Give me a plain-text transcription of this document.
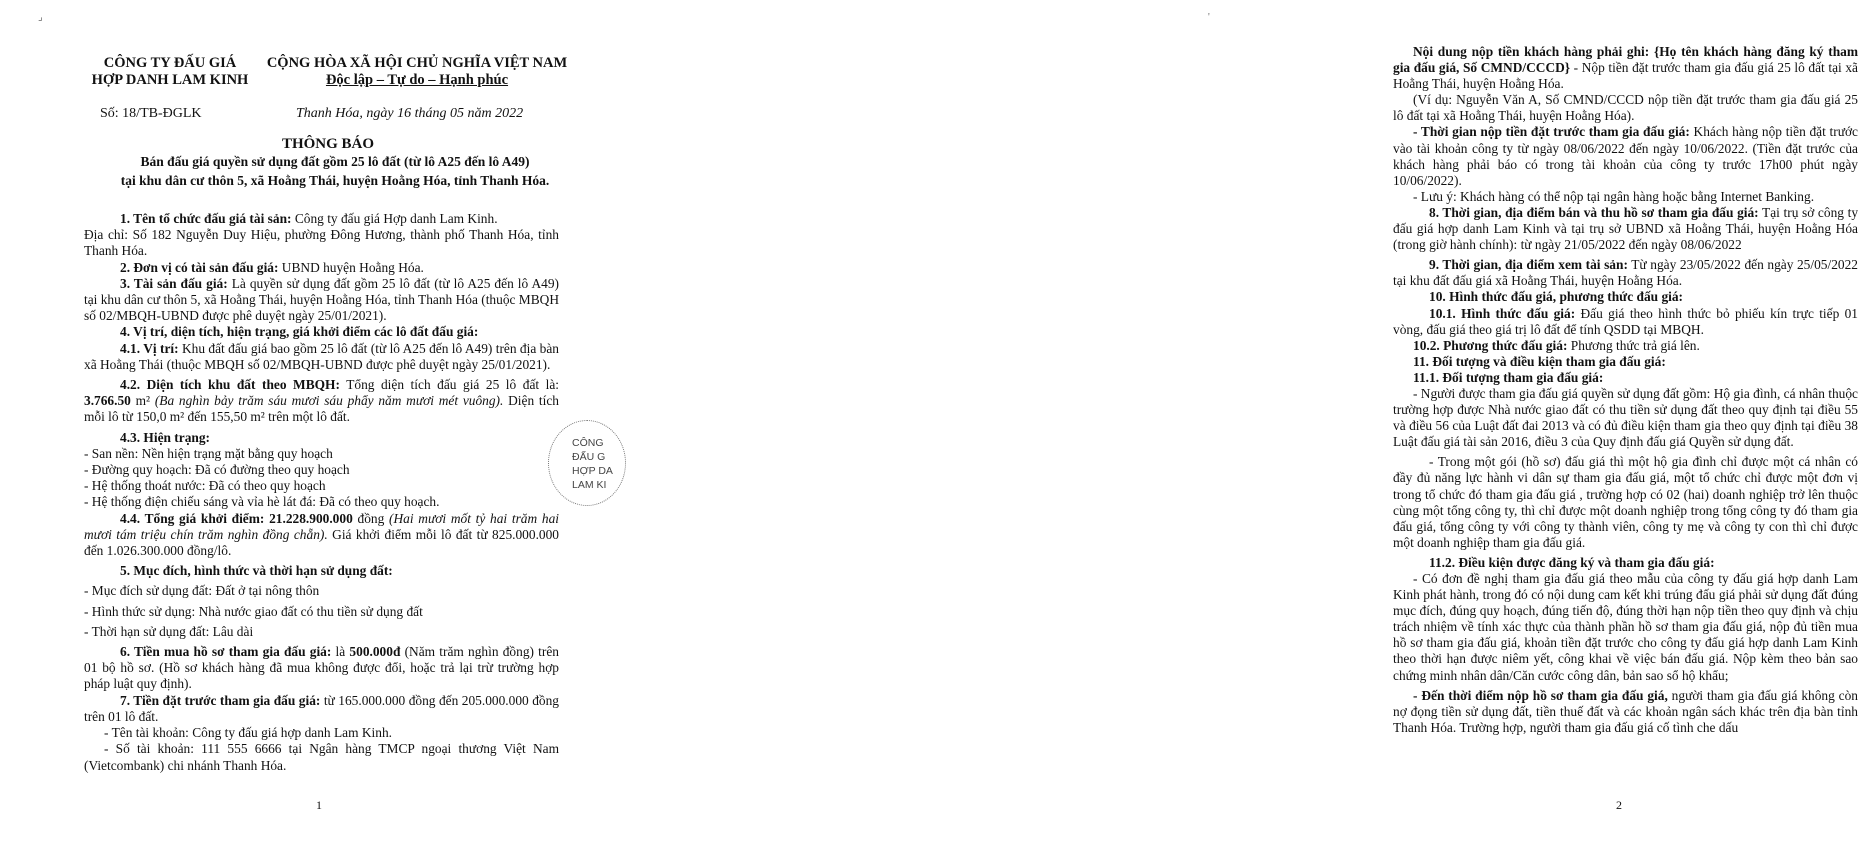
⌟
CÔNG TY ĐẤU GIÁ
HỢP DANH LAM KINH
CỘNG HÒA XÃ HỘI CHỦ NGHĨA VIỆT NAM
Độc lập – Tự do – Hạnh phúc
Số: 18/TB-ĐGLK	Thanh Hóa, ngày 16 tháng 05 năm 2022
THÔNG BÁO
Bán đấu giá quyền sử dụng đất gồm 25 lô đất (từ lô A25 đến lô A49)
tại khu dân cư thôn 5, xã Hoằng Thái, huyện Hoằng Hóa, tỉnh Thanh Hóa.

1. Tên tổ chức đấu giá tài sản: Công ty đấu giá Hợp danh Lam Kinh.

Địa chỉ: Số 182 Nguyễn Duy Hiệu, phường Đông Hương, thành phố Thanh Hóa, tỉnh Thanh Hóa.

2. Đơn vị có tài sản đấu giá: UBND huyện Hoằng Hóa.

3. Tài sản đấu giá: Là quyền sử dụng đất gồm 25 lô đất (từ lô A25 đến lô A49) tại khu dân cư thôn 5, xã Hoằng Thái, huyện Hoằng Hóa, tỉnh Thanh Hóa (thuộc MBQH số 02/MBQH-UBND được phê duyệt ngày 25/01/2021).

4. Vị trí, diện tích, hiện trạng, giá khởi điểm các lô đất đấu giá:

4.1. Vị trí: Khu đất đấu giá bao gồm 25 lô đất (từ lô A25 đến lô A49) trên địa bàn xã Hoằng Thái (thuộc MBQH số 02/MBQH-UBND được phê duyệt ngày 25/01/2021).

4.2. Diện tích khu đất theo MBQH: Tổng diện tích đấu giá 25 lô đất là: 3.766.50 m² (Ba nghìn bảy trăm sáu mươi sáu phẩy năm mươi mét vuông). Diện tích mỗi lô từ 150,0 m² đến 155,50 m² trên một lô đất.

4.3. Hiện trạng:

- San nền: Nền hiện trạng mặt bằng quy hoạch

- Đường quy hoạch: Đã có đường theo quy hoạch

- Hệ thống thoát nước: Đã có theo quy hoạch

- Hệ thống điện chiếu sáng và vỉa hè lát đá: Đã có theo quy hoạch.

4.4. Tổng giá khởi điểm: 21.228.900.000 đồng (Hai mươi mốt tỷ hai trăm hai mươi tám triệu chín trăm nghìn đồng chẵn). Giá khởi điểm mỗi lô đất từ 825.000.000 đến 1.026.300.000 đồng/lô.

5. Mục đích, hình thức và thời hạn sử dụng đất:

- Mục đích sử dụng đất: Đất ở tại nông thôn

- Hình thức sử dụng: Nhà nước giao đất có thu tiền sử dụng đất

- Thời hạn sử dụng đất: Lâu dài

6. Tiền mua hồ sơ tham gia đấu giá: là 500.000đ (Năm trăm nghìn đồng) trên 01 bộ hồ sơ. (Hồ sơ khách hàng đã mua không được đổi, hoặc trả lại trừ trường hợp pháp luật quy định).

7. Tiền đặt trước tham gia đấu giá: từ 165.000.000 đồng đến 205.000.000 đồng trên 01 lô đất.

- Tên tài khoản: Công ty đấu giá hợp danh Lam Kinh.

- Số tài khoản: 111 555 6666 tại Ngân hàng TMCP ngoại thương Việt Nam (Vietcombank) chi nhánh Thanh Hóa.

CÔNG
ĐẤU G
HỢP DA
LAM KI
1
'

Nội dung nộp tiền khách hàng phải ghi: {Họ tên khách hàng đăng ký tham gia đấu giá, Số CMND/CCCD} - Nộp tiền đặt trước tham gia đấu giá 25 lô đất tại xã Hoằng Thái, huyện Hoằng Hóa.

(Ví dụ: Nguyễn Văn A, Số CMND/CCCD nộp tiền đặt trước tham gia đấu giá 25 lô đất tại xã Hoằng Thái, huyện Hoằng Hóa).

- Thời gian nộp tiền đặt trước tham gia đấu giá: Khách hàng nộp tiền đặt trước vào tài khoản công ty từ ngày 08/06/2022 đến ngày 10/06/2022. (Tiền đặt trước của khách hàng phải báo có trong tài khoản của công ty trước 17h00 phút ngày 10/06/2022).

- Lưu ý: Khách hàng có thể nộp tại ngân hàng hoặc bằng Internet Banking.

8. Thời gian, địa điểm bán và thu hồ sơ tham gia đấu giá: Tại trụ sở công ty đấu giá hợp danh Lam Kinh và tại trụ sở UBND xã Hoằng Thái, huyện Hoằng Hóa (trong giờ hành chính): từ ngày 21/05/2022 đến ngày 08/06/2022

9. Thời gian, địa điểm xem tài sản: Từ ngày 23/05/2022 đến ngày 25/05/2022 tại khu đất đấu giá xã Hoằng Thái, huyện Hoằng Hóa.

10. Hình thức đấu giá, phương thức đấu giá:

10.1. Hình thức đấu giá: Đấu giá theo hình thức bỏ phiếu kín trực tiếp 01 vòng, đấu giá theo giá trị lô đất để tính QSDD tại MBQH.

10.2. Phương thức đấu giá: Phương thức trả giá lên.

11. Đối tượng và điều kiện tham gia đấu giá:

11.1. Đối tượng tham gia đấu giá:

- Người được tham gia đấu giá quyền sử dụng đất gồm: Hộ gia đình, cá nhân thuộc trường hợp được Nhà nước giao đất có thu tiền sử dụng đất theo quy định tại điều 55 và điều 56 của Luật đất đai 2013 và có đủ điều kiện tham gia theo quy định tại điều 38 Luật đấu giá tài sản 2016, điều 3 của Quy định đấu giá Quyền sử dụng đất.

- Trong một gói (hồ sơ) đấu giá thì một hộ gia đình chỉ được một cá nhân có đầy đủ năng lực hành vi dân sự tham gia đấu giá, một tổ chức chỉ được một đơn vị trong tổ chức đó tham gia đấu giá , trường hợp có 02 (hai) doanh nghiệp trở lên thuộc cùng một tổng công ty, thì chỉ được một doanh nghiệp trong tổng công ty đó tham gia đấu giá, tổng công ty với công ty thành viên, công ty mẹ và công ty con thì chỉ được một doanh nghiệp tham gia đấu giá.

11.2. Điều kiện được đăng ký và tham gia đấu giá:

- Có đơn đề nghị tham gia đấu giá theo mẫu của công ty đấu giá hợp danh Lam Kinh phát hành, trong đó có nội dung cam kết khi trúng đấu giá phải sử dụng đất đúng mục đích, đúng quy hoạch, đúng tiến độ, đúng thời hạn nộp tiền theo quy định và chịu trách nhiệm về tính xác thực của thành phần hồ sơ tham gia đấu giá, nộp đủ tiền mua hồ sơ tham gia đấu giá, khoản tiền đặt trước cho công ty đấu giá hợp danh Lam Kinh theo thời hạn được niêm yết, công khai về việc bán đấu giá. Nộp kèm theo bản sao chứng minh nhân dân/Căn cước công dân, bản sao sổ hộ khẩu;

- Đến thời điểm nộp hồ sơ tham gia đấu giá, người tham gia đấu giá không còn nợ đọng tiền sử dụng đất, tiền thuế đất và các khoản ngân sách khác trên địa bàn tỉnh Thanh Hóa. Trường hợp, người tham gia đấu giá cố tình che dấu

2
